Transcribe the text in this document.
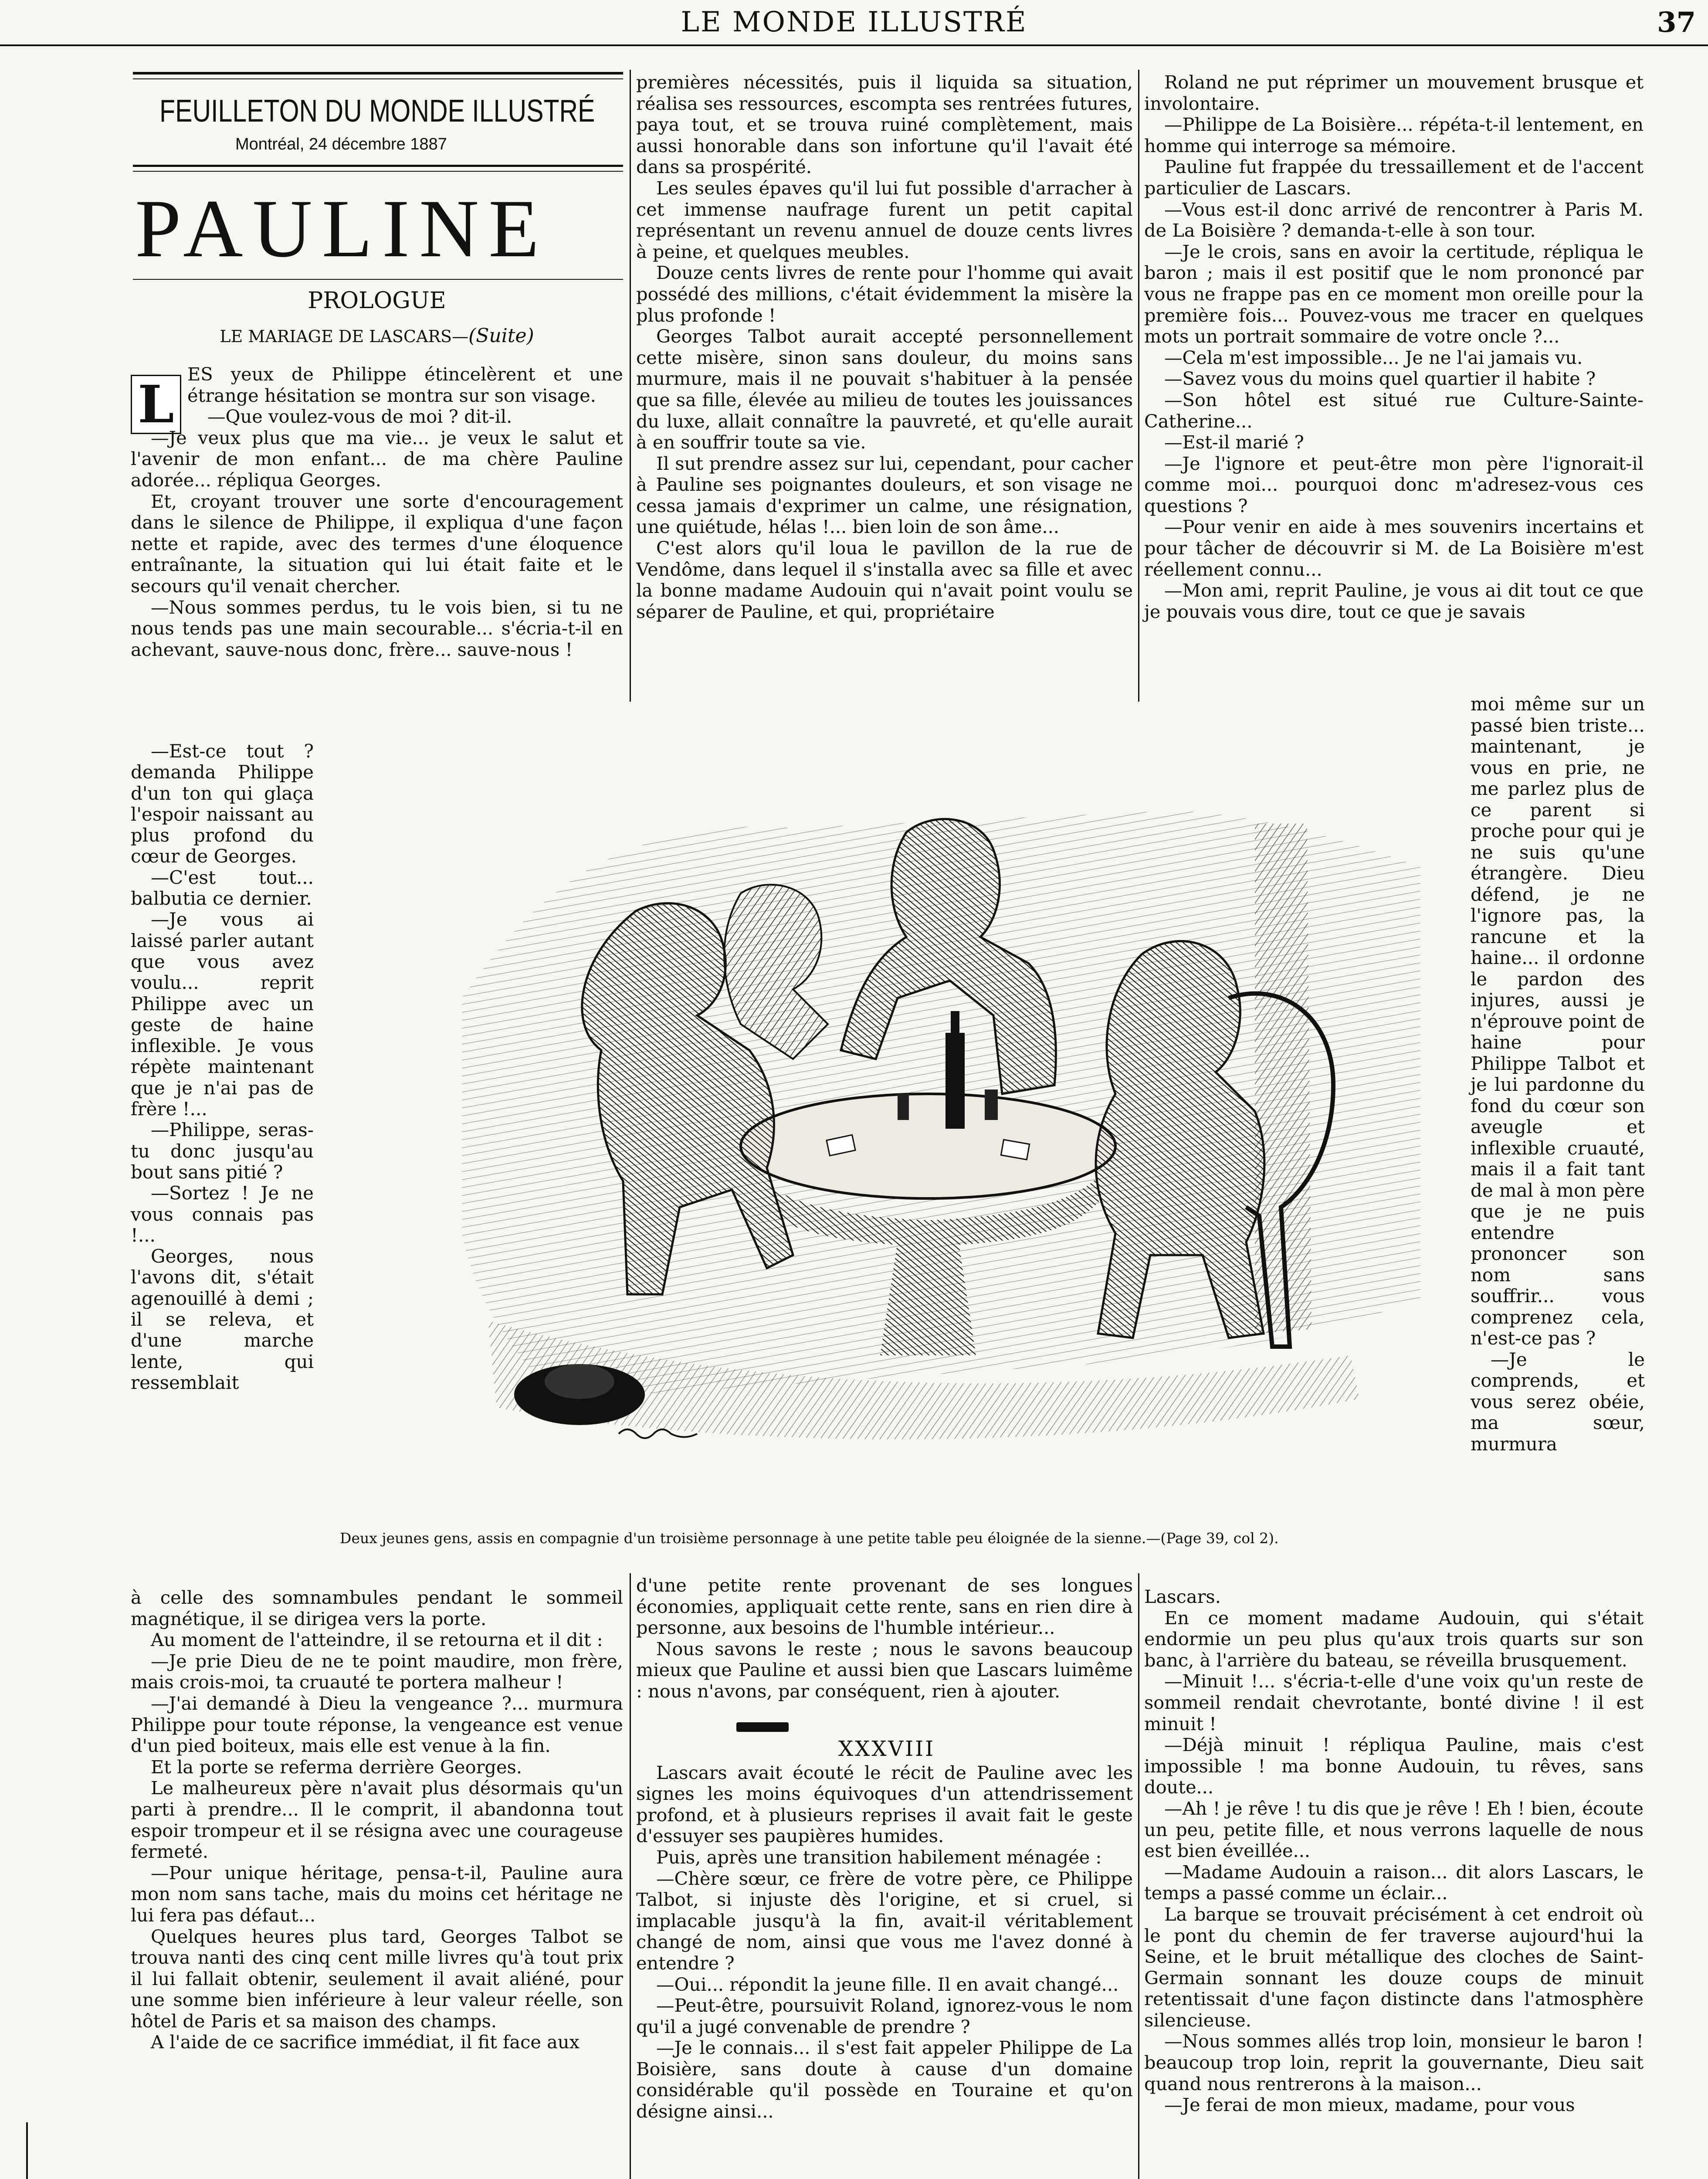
LE MONDE ILLUSTRÉ	37
FEUILLETON DU MONDE ILLUSTRÉ
Montréal, 24 décembre 1887
PAULINE
PROLOGUE
LE MARIAGE DE LASCARS—(Suite)
L ES yeux de Philippe étincelèrent et une étrange hésitation se montra sur son visage.

—Que voulez-vous de moi ? dit-il.

—Je veux plus que ma vie... je veux le salut et l'avenir de mon enfant... de ma chère Pauline adorée... répliqua Georges.

Et, croyant trouver une sorte d'encouragement dans le silence de Philippe, il expliqua d'une façon nette et rapide, avec des termes d'une éloquence entraînante, la situation qui lui était faite et le secours qu'il venait chercher.

—Nous sommes perdus, tu le vois bien, si tu ne nous tends pas une main secourable... s'écria-t-il en achevant, sauve-nous donc, frère... sauve-nous !

—Est-ce tout ? demanda Philippe d'un ton qui glaça l'espoir naissant au plus profond du cœur de Georges.

—C'est tout... balbutia ce dernier.

—Je vous ai laissé parler autant que vous avez voulu... reprit Philippe avec un geste de haine inflexible. Je vous répète maintenant que je n'ai pas de frère !...

—Philippe, seras-tu donc jusqu'au bout sans pitié ?

—Sortez ! Je ne vous connais pas !...

Georges, nous l'avons dit, s'était agenouillé à demi ; il se releva, et d'une marche lente, qui ressemblait

à celle des somnambules pendant le sommeil magnétique, il se dirigea vers la porte.

Au moment de l'atteindre, il se retourna et il dit :

—Je prie Dieu de ne te point maudire, mon frère, mais crois-moi, ta cruauté te portera malheur !

—J'ai demandé à Dieu la vengeance ?... murmura Philippe pour toute réponse, la vengeance est venue d'un pied boiteux, mais elle est venue à la fin.

Et la porte se referma derrière Georges.

Le malheureux père n'avait plus désormais qu'un parti à prendre... Il le comprit, il abandonna tout espoir trompeur et il se résigna avec une courageuse fermeté.

—Pour unique héritage, pensa-t-il, Pauline aura mon nom sans tache, mais du moins cet héritage ne lui fera pas défaut...

Quelques heures plus tard, Georges Talbot se trouva nanti des cinq cent mille livres qu'à tout prix il lui fallait obtenir, seulement il avait aliéné, pour une somme bien inférieure à leur valeur réelle, son hôtel de Paris et sa maison des champs.

A l'aide de ce sacrifice immédiat, il fit face aux

premières nécessités, puis il liquida sa situation, réalisa ses ressources, escompta ses rentrées futures, paya tout, et se trouva ruiné complètement, mais aussi honorable dans son infortune qu'il l'avait été dans sa prospérité.

Les seules épaves qu'il lui fut possible d'arracher à cet immense naufrage furent un petit capital représentant un revenu annuel de douze cents livres à peine, et quelques meubles.

Douze cents livres de rente pour l'homme qui avait possédé des millions, c'était évidemment la misère la plus profonde !

Georges Talbot aurait accepté personnellement cette misère, sinon sans douleur, du moins sans murmure, mais il ne pouvait s'habituer à la pensée que sa fille, élevée au milieu de toutes les jouissances du luxe, allait connaître la pauvreté, et qu'elle aurait à en souffrir toute sa vie.

Il sut prendre assez sur lui, cependant, pour cacher à Pauline ses poignantes douleurs, et son visage ne cessa jamais d'exprimer un calme, une résignation, une quiétude, hélas !... bien loin de son âme...

C'est alors qu'il loua le pavillon de la rue de Vendôme, dans lequel il s'installa avec sa fille et avec la bonne madame Audouin qui n'avait point voulu se séparer de Pauline, et qui, propriétaire

d'une petite rente provenant de ses longues économies, appliquait cette rente, sans en rien dire à personne, aux besoins de l'humble intérieur...

Nous savons le reste ; nous le savons beaucoup mieux que Pauline et aussi bien que Lascars luimême : nous n'avons, par conséquent, rien à ajouter.

Lascars avait écouté le récit de Pauline avec les signes les moins équivoques d'un attendrissement profond, et à plusieurs reprises il avait fait le geste d'essuyer ses paupières humides.

Puis, après une transition habilement ménagée :

—Chère sœur, ce frère de votre père, ce Philippe Talbot, si injuste dès l'origine, et si cruel, si implacable jusqu'à la fin, avait-il véritablement changé de nom, ainsi que vous me l'avez donné à entendre ?

—Oui... répondit la jeune fille. Il en avait changé...

—Peut-être, poursuivit Roland, ignorez-vous le nom qu'il a jugé convenable de prendre ?

—Je le connais... il s'est fait appeler Philippe de La Boisière, sans doute à cause d'un domaine considérable qu'il possède en Touraine et qu'on désigne ainsi...

XXXVIII

Roland ne put réprimer un mouvement brusque et involontaire.

—Philippe de La Boisière... répéta-t-il lentement, en homme qui interroge sa mémoire.

Pauline fut frappée du tressaillement et de l'accent particulier de Lascars.

—Vous est-il donc arrivé de rencontrer à Paris M. de La Boisière ? demanda-t-elle à son tour.

—Je le crois, sans en avoir la certitude, répliqua le baron ; mais il est positif que le nom prononcé par vous ne frappe pas en ce moment mon oreille pour la première fois... Pouvez-vous me tracer en quelques mots un portrait sommaire de votre oncle ?...

—Cela m'est impossible... Je ne l'ai jamais vu.

—Savez vous du moins quel quartier il habite ?

—Son hôtel est situé rue Culture-Sainte-Catherine...

—Est-il marié ?

—Je l'ignore et peut-être mon père l'ignorait-il comme moi... pourquoi donc m'adresez-vous ces questions ?

—Pour venir en aide à mes souvenirs incertains et pour tâcher de découvrir si M. de La Boisière m'est réellement connu...

—Mon ami, reprit Pauline, je vous ai dit tout ce que je pouvais vous dire, tout ce que je savais

moi même sur un passé bien triste... maintenant, je vous en prie, ne me parlez plus de ce parent si proche pour qui je ne suis qu'une étrangère. Dieu défend, je ne l'ignore pas, la rancune et la haine... il ordonne le pardon des injures, aussi je n'éprouve point de haine pour Philippe Talbot et je lui pardonne du fond du cœur son aveugle et inflexible cruauté, mais il a fait tant de mal à mon père que je ne puis entendre prononcer son nom sans souffrir... vous comprenez cela, n'est-ce pas ?

—Je le comprends, et vous serez obéie, ma sœur, murmura

Lascars.

En ce moment madame Audouin, qui s'était endormie un peu plus qu'aux trois quarts sur son banc, à l'arrière du bateau, se réveilla brusquement.

—Minuit !... s'écria-t-elle d'une voix qu'un reste de sommeil rendait chevrotante, bonté divine ! il est minuit !

—Déjà minuit ! répliqua Pauline, mais c'est impossible ! ma bonne Audouin, tu rêves, sans doute...

—Ah ! je rêve ! tu dis que je rêve ! Eh ! bien, écoute un peu, petite fille, et nous verrons laquelle de nous est bien éveillée...

—Madame Audouin a raison... dit alors Lascars, le temps a passé comme un éclair...

La barque se trouvait précisément à cet endroit où le pont du chemin de fer traverse aujourd'hui la Seine, et le bruit métallique des cloches de Saint-Germain sonnant les douze coups de minuit retentissait d'une façon distincte dans l'atmosphère silencieuse.

—Nous sommes allés trop loin, monsieur le baron ! beaucoup trop loin, reprit la gouvernante, Dieu sait quand nous rentrerons à la maison...

—Je ferai de mon mieux, madame, pour vous

Deux jeunes gens, assis en compagnie d'un troisième personnage à une petite table peu éloignée de la sienne.—(Page 39, col 2).
